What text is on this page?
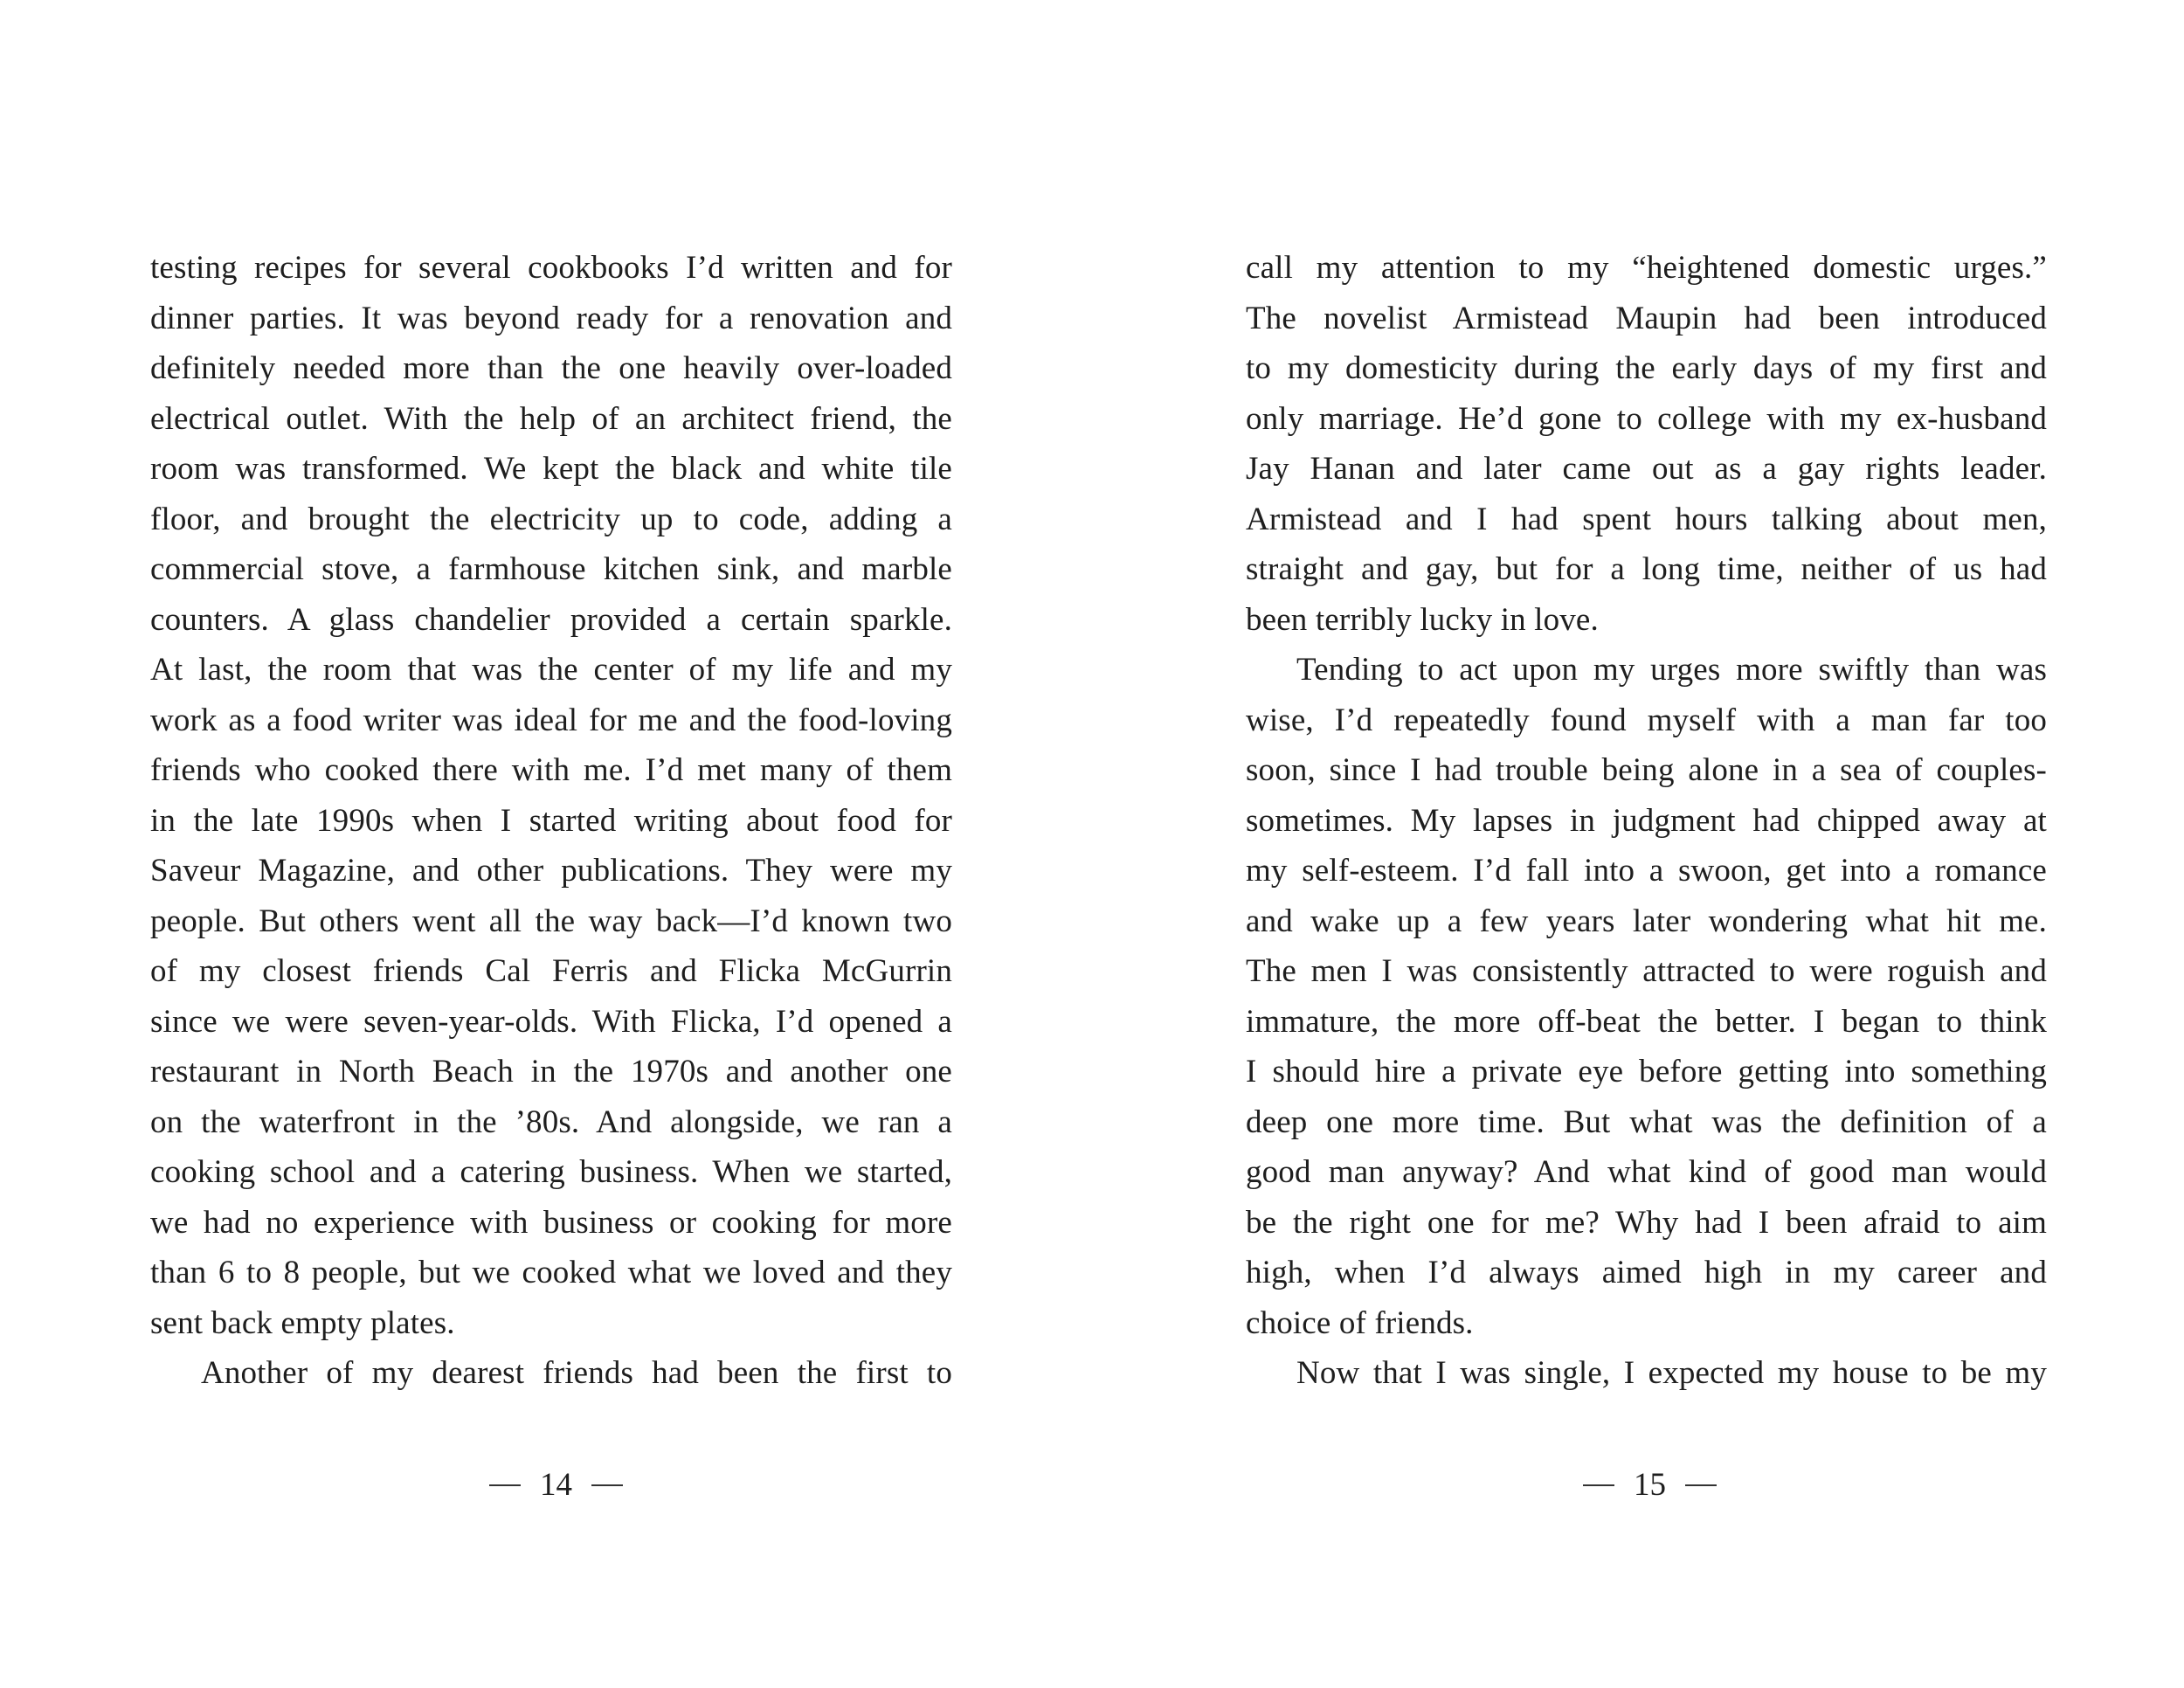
testing recipes for several cookbooks I’d written and for
dinner parties. It was beyond ready for a renovation and
definitely needed more than the one heavily over-loaded
electrical outlet. With the help of an architect friend, the
room was transformed. We kept the black and white tile
floor, and brought the electricity up to code, adding a
commercial stove, a farmhouse kitchen sink, and marble
counters. A glass chandelier provided a certain sparkle.
At last, the room that was the center of my life and my
work as a food writer was ideal for me and the food-loving
friends who cooked there with me. I’d met many of them
in the late 1990s when I started writing about food for
Saveur Magazine, and other publications. They were my
people. But others went all the way back—I’d known two
of my closest friends Cal Ferris and Flicka McGurrin
since we were seven-year-olds. With Flicka, I’d opened a
restaurant in North Beach in the 1970s and another one
on the waterfront in the ’80s. And alongside, we ran a
cooking school and a catering business. When we started,
we had no experience with business or cooking for more
than 6 to 8 people, but we cooked what we loved and they
sent back empty plates.
Another of my dearest friends had been the first to
14
call my attention to my “heightened domestic urges.”
The novelist Armistead Maupin had been introduced
to my domesticity during the early days of my first and
only marriage. He’d gone to college with my ex-husband
Jay Hanan and later came out as a gay rights leader.
Armistead and I had spent hours talking about men,
straight and gay, but for a long time, neither of us had
been terribly lucky in love.
Tending to act upon my urges more swiftly than was
wise, I’d repeatedly found myself with a man far too
soon, since I had trouble being alone in a sea of couples-
sometimes. My lapses in judgment had chipped away at
my self-esteem. I’d fall into a swoon, get into a romance
and wake up a few years later wondering what hit me.
The men I was consistently attracted to were roguish and
immature, the more off-beat the better. I began to think
I should hire a private eye before getting into something
deep one more time. But what was the definition of a
good man anyway? And what kind of good man would
be the right one for me? Why had I been afraid to aim
high, when I’d always aimed high in my career and
choice of friends.
Now that I was single, I expected my house to be my
15
